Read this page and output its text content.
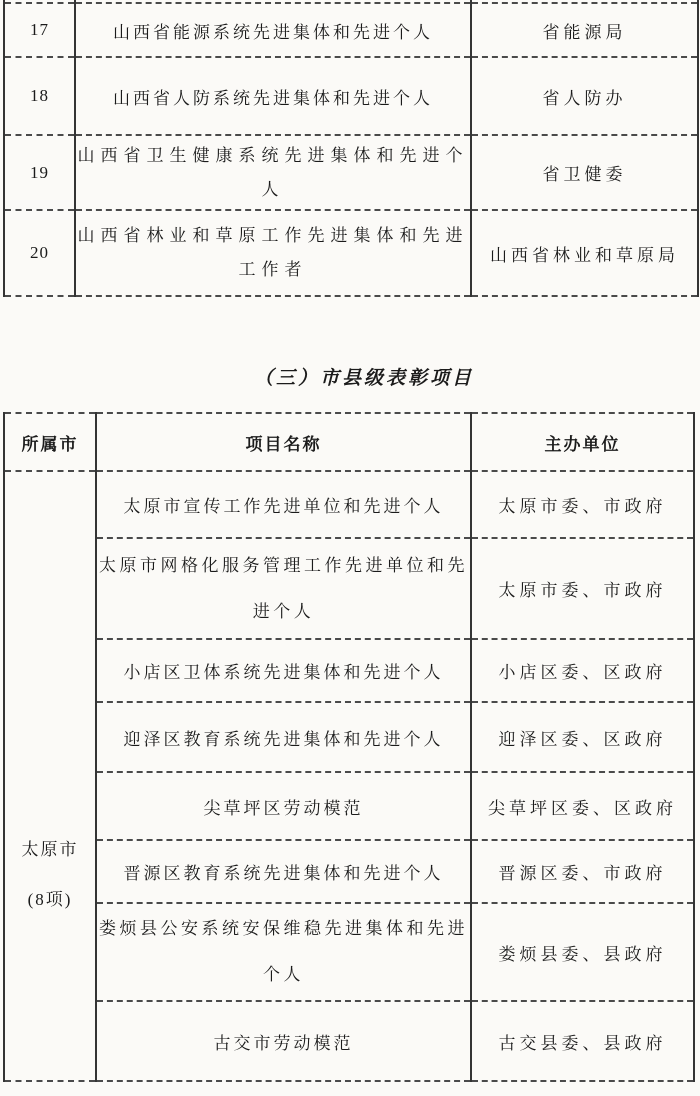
17	山西省能源系统先进集体和先进个人	省能源局
18	山西省人防系统先进集体和先进个人	省人防办
19	山西省卫生健康系统先进集体和先进个人	省卫健委
20	山西省林业和草原工作先进集体和先进工作者	山西省林业和草原局
（三）市县级表彰项目
所属市	项目名称	主办单位

太原市
(8项)	太原市宣传工作先进单位和先进个人	太原市委、市政府
	太原市网格化服务管理工作先进单位和先进个人	太原市委、市政府
	小店区卫体系统先进集体和先进个人	小店区委、区政府
	迎泽区教育系统先进集体和先进个人	迎泽区委、区政府
	尖草坪区劳动模范	尖草坪区委、区政府
	晋源区教育系统先进集体和先进个人	晋源区委、市政府
	娄烦县公安系统安保维稳先进集体和先进个人	娄烦县委、县政府
	古交市劳动模范	古交县委、县政府
